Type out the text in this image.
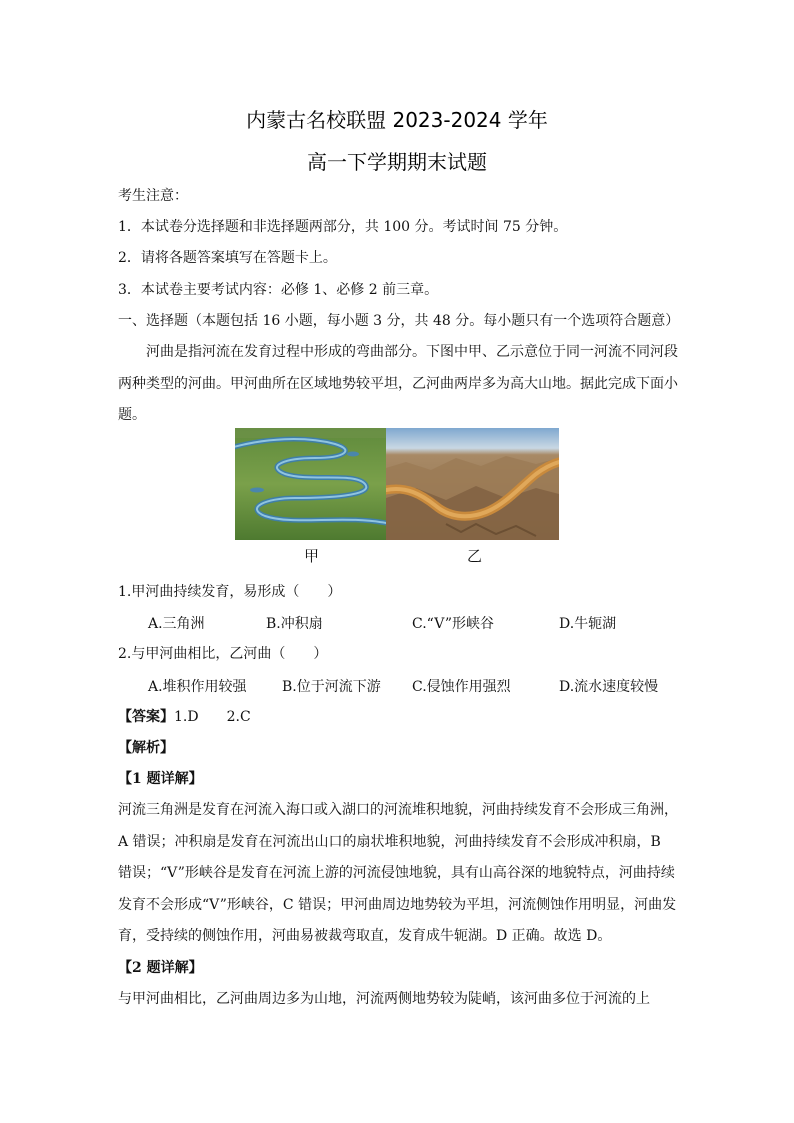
内蒙古名校联盟 2023-2024 学年
高一下学期期末试题
考生注意：
1．本试卷分选择题和非选择题两部分，共 100 分。考试时间 75 分钟。
2．请将各题答案填写在答题卡上。
3．本试卷主要考试内容：必修 1、必修 2 前三章。
一、选择题（本题包括 16 小题，每小题 3 分，共 48 分。每小题只有一个选项符合题意）
河曲是指河流在发育过程中形成的弯曲部分。下图中甲、乙示意位于同一河流不同河段两种类型的河曲。甲河曲所在区域地势较平坦，乙河曲两岸多为高大山地。据此完成下面小题。
甲	乙
1.甲河曲持续发育，易形成（　　）
A.三角洲	B.冲积扇	C.“V”形峡谷	D.牛轭湖
2.与甲河曲相比，乙河曲（　　）
A.堆积作用较强	B.位于河流下游 C.侵蚀作用强烈	D.流水速度较慢
【答案】1.D　　2.C
【解析】
【1 题详解】
河流三角洲是发育在河流入海口或入湖口的河流堆积地貌，河曲持续发育不会形成三角洲，A 错误；冲积扇是发育在河流出山口的扇状堆积地貌，河曲持续发育不会形成冲积扇，B 错误；“V”形峡谷是发育在河流上游的河流侵蚀地貌，具有山高谷深的地貌特点，河曲持续发育不会形成“V”形峡谷，C 错误；甲河曲周边地势较为平坦，河流侧蚀作用明显，河曲发育，受持续的侧蚀作用，河曲易被裁弯取直，发育成牛轭湖。D 正确。故选 D。
【2 题详解】
与甲河曲相比，乙河曲周边多为山地，河流两侧地势较为陡峭，该河曲多位于河流的上
